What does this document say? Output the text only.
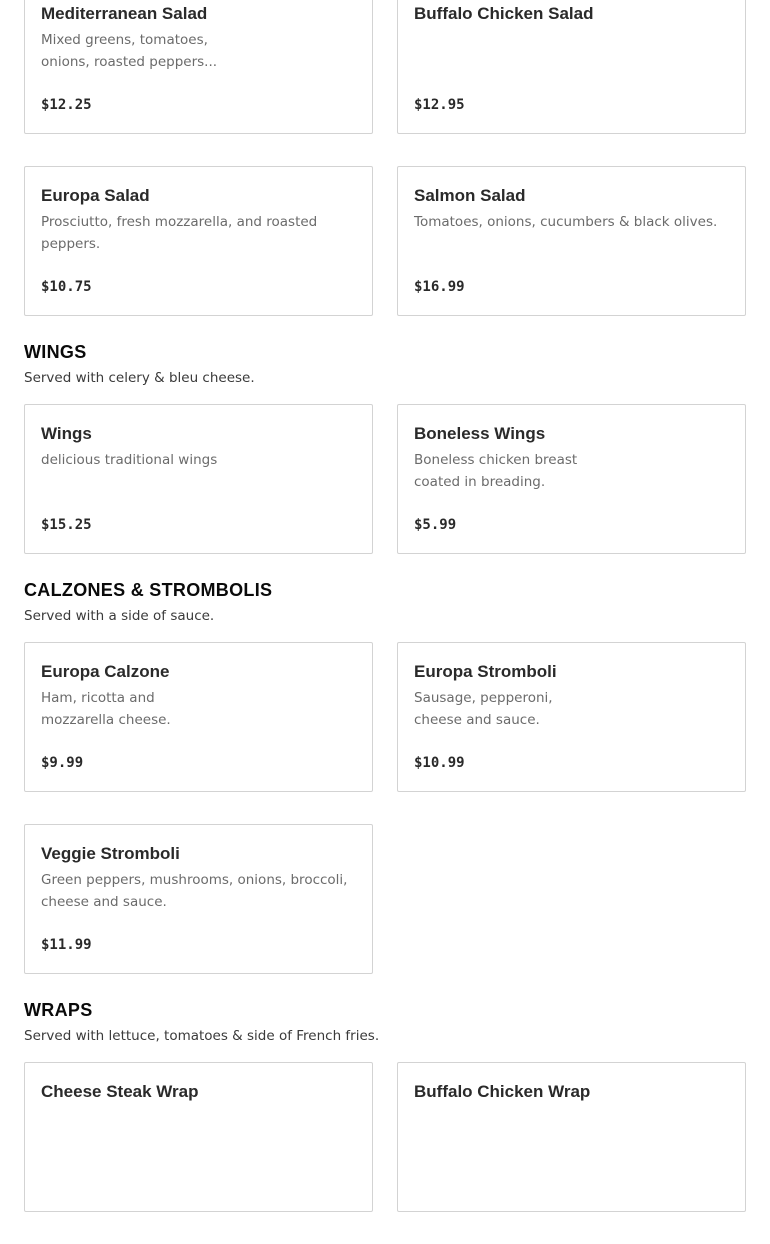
Mediterranean Salad
Mixed greens, tomatoes, onions, roasted peppers...
$12.25
Buffalo Chicken Salad
$12.95
Europa Salad
Prosciutto, fresh mozzarella, and roasted peppers.
$10.75
Salmon Salad
Tomatoes, onions, cucumbers & black olives.
$16.99
WINGS
Served with celery & bleu cheese.
Wings
delicious traditional wings
$15.25
Boneless Wings
Boneless chicken breast coated in breading.
$5.99
CALZONES & STROMBOLIS
Served with a side of sauce.
Europa Calzone
Ham, ricotta and mozzarella cheese.
$9.99
Europa Stromboli
Sausage, pepperoni, cheese and sauce.
$10.99
Veggie Stromboli
Green peppers, mushrooms, onions, broccoli, cheese and sauce.
$11.99
WRAPS
Served with lettuce, tomatoes & side of French fries.
Cheese Steak Wrap	Buffalo Chicken Wrap
